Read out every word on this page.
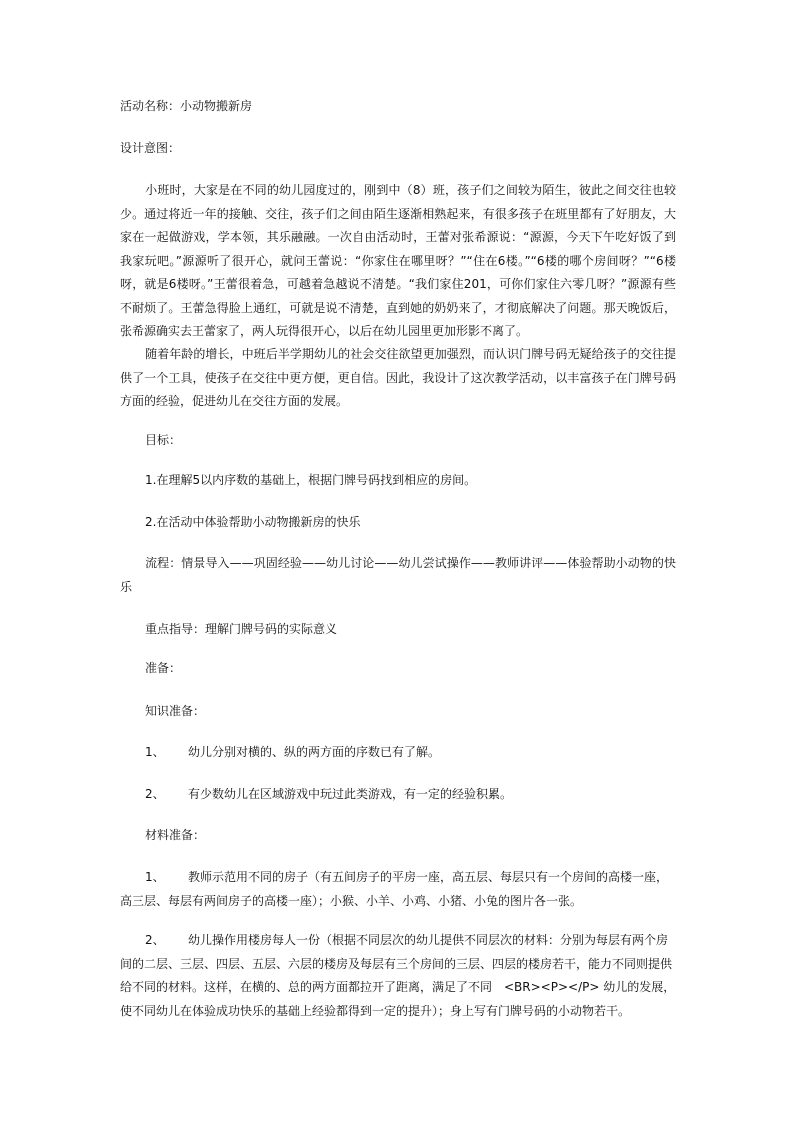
活动名称：小动物搬新房
设计意图：
小班时，大家是在不同的幼儿园度过的，刚到中（8）班，孩子们之间较为陌生，彼此之间交往也较少。通过将近一年的接触、交往，孩子们之间由陌生逐渐相熟起来，有很多孩子在班里都有了好朋友，大家在一起做游戏，学本领，其乐融融。一次自由活动时，王蕾对张希源说：“源源，今天下午吃好饭了到我家玩吧。”源源听了很开心，就问王蕾说：“你家住在哪里呀？”“住在6楼。”“6楼的哪个房间呀？”“6楼呀，就是6楼呀。”王蕾很着急，可越着急越说不清楚。“我们家住201，可你们家住六零几呀？”源源有些不耐烦了。王蕾急得脸上通红，可就是说不清楚，直到她的奶奶来了，才彻底解决了问题。那天晚饭后，张希源确实去王蕾家了，两人玩得很开心，以后在幼儿园里更加形影不离了。
随着年龄的增长，中班后半学期幼儿的社会交往欲望更加强烈，而认识门牌号码无疑给孩子的交往提供了一个工具，使孩子在交往中更方便，更自信。因此，我设计了这次教学活动，以丰富孩子在门牌号码方面的经验，促进幼儿在交往方面的发展。
目标：
1.在理解5以内序数的基础上，根据门牌号码找到相应的房间。
2.在活动中体验帮助小动物搬新房的快乐
流程：情景导入——巩固经验——幼儿讨论——幼儿尝试操作——教师讲评——体验帮助小动物的快乐
重点指导：理解门牌号码的实际意义
准备：
知识准备：
1、 幼儿分别对横的、纵的两方面的序数已有了解。
2、 有少数幼儿在区域游戏中玩过此类游戏，有一定的经验积累。
材料准备：
1、 教师示范用不同的房子（有五间房子的平房一座，高五层、每层只有一个房间的高楼一座，高三层、每层有两间房子的高楼一座）；小猴、小羊、小鸡、小猪、小兔的图片各一张。
2、 幼儿操作用楼房每人一份（根据不同层次的幼儿提供不同层次的材料：分别为每层有两个房间的二层、三层、四层、五层、六层的楼房及每层有三个房间的三层、四层的楼房若干，能力不同则提供给不同的材料。这样，在横的、总的两方面都拉开了距离，满足了不同　<BR><P></P> 幼儿的发展，使不同幼儿在体验成功快乐的基础上经验都得到一定的提升）；身上写有门牌号码的小动物若干。
